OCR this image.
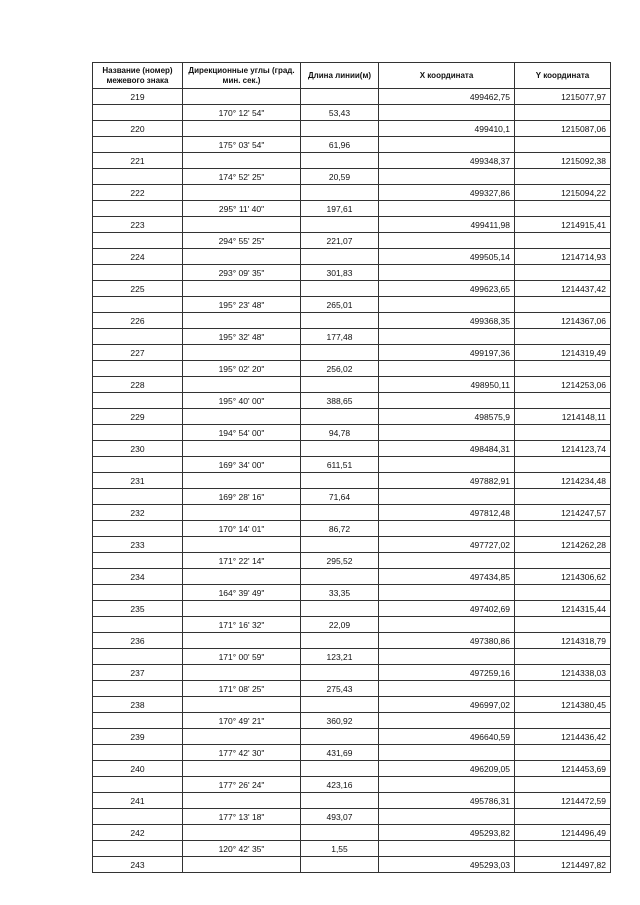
Название (номер) межевого знака	Дирекционные углы (град. мин. сек.)	Длина линии(м)	X координата	Y координата
219			499462,75	1215077,97
	170° 12' 54"	53,43		
220			499410,1	1215087,06
	175° 03' 54"	61,96		
221			499348,37	1215092,38
	174° 52' 25"	20,59		
222			499327,86	1215094,22
	295° 11' 40"	197,61		
223			499411,98	1214915,41
	294° 55' 25"	221,07		
224			499505,14	1214714,93
	293° 09' 35"	301,83		
225			499623,65	1214437,42
	195° 23' 48"	265,01		
226			499368,35	1214367,06
	195° 32' 48"	177,48		
227			499197,36	1214319,49
	195° 02' 20"	256,02		
228			498950,11	1214253,06
	195° 40' 00"	388,65		
229			498575,9	1214148,11
	194° 54' 00"	94,78		
230			498484,31	1214123,74
	169° 34' 00"	611,51		
231			497882,91	1214234,48
	169° 28' 16"	71,64		
232			497812,48	1214247,57
	170° 14' 01"	86,72		
233			497727,02	1214262,28
	171° 22' 14"	295,52		
234			497434,85	1214306,62
	164° 39' 49"	33,35		
235			497402,69	1214315,44
	171° 16' 32"	22,09		
236			497380,86	1214318,79
	171° 00' 59"	123,21		
237			497259,16	1214338,03
	171° 08' 25"	275,43		
238			496997,02	1214380,45
	170° 49' 21"	360,92		
239			496640,59	1214436,42
	177° 42' 30"	431,69		
240			496209,05	1214453,69
	177° 26' 24"	423,16		
241			495786,31	1214472,59
	177° 13' 18"	493,07		
242			495293,82	1214496,49
	120° 42' 35"	1,55		
243			495293,03	1214497,82
